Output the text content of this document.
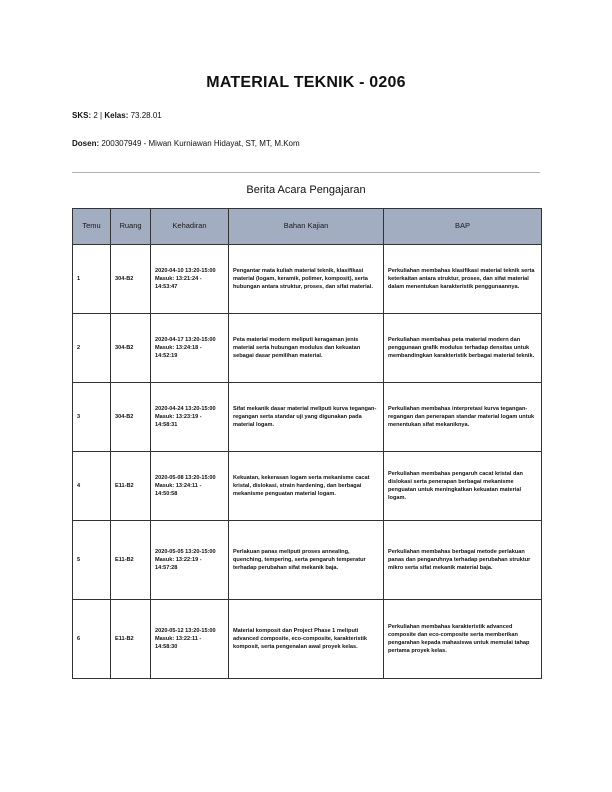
MATERIAL TEKNIK - 0206
SKS: 2 | Kelas: 73.28.01
Dosen: 200307949 - Miwan Kurniawan Hidayat, ST, MT, M.Kom
Berita Acara Pengajaran
Temu	Ruang	Kehadiran	Bahan Kajian	BAP
1	304-B2	2020-04-10 13:20-15:00 Masuk: 13:21:24 - 14:53:47	Pengantar mata kuliah material teknik, klasifikasi material (logam, keramik, polimer, komposit), serta hubungan antara struktur, proses, dan sifat material.	Perkuliahan membahas klasifikasi material teknik serta keterkaitan antara struktur, proses, dan sifat material dalam menentukan karakteristik penggunaannya.
2	304-B2	2020-04-17 13:20-15:00 Masuk: 13:24:18 - 14:52:19	Peta material modern meliputi keragaman jenis material serta hubungan modulus dan kekuatan sebagai dasar pemilihan material.	Perkuliahan membahas peta material modern dan penggunaan grafik modulus terhadap densitas untuk membandingkan karakteristik berbagai material teknik.
3	304-B2	2020-04-24 13:20-15:00 Masuk: 13:23:19 - 14:58:31	Sifat mekanik dasar material meliputi kurva tegangan-regangan serta standar uji yang digunakan pada material logam.	Perkuliahan membahas interpretasi kurva tegangan-regangan dan penerapan standar material logam untuk menentukan sifat mekaniknya.
4	E11-B2	2020-05-08 13:20-15:00 Masuk: 13:24:11 - 14:50:58	Kekuatan, kekerasan logam serta mekanisme cacat kristal, dislokasi, strain hardening, dan berbagai mekanisme penguatan material logam.	Perkuliahan membahas pengaruh cacat kristal dan dislokasi serta penerapan berbagai mekanisme penguatan untuk meningkatkan kekuatan material logam.
5	E11-B2	2020-05-05 13:20-15:00 Masuk: 13:22:19 - 14:57:28	Perlakuan panas meliputi proses annealing, quenching, tempering, serta pengaruh temperatur terhadap perubahan sifat mekanik baja.	Perkuliahan membahas berbagai metode perlakuan panas dan pengaruhnya terhadap perubahan struktur mikro serta sifat mekanik material baja.
6	E11-B2	2020-05-12 13:20-15:00 Masuk: 13:22:11 - 14:58:30	Material komposit dan Project Phase 1 meliputi advanced composite, eco-composite, karakteristik komposit, serta pengenalan awal proyek kelas.	Perkuliahan membahas karakteristik advanced composite dan eco-composite serta memberikan pengarahan kepada mahasiswa untuk memulai tahap pertama proyek kelas.
